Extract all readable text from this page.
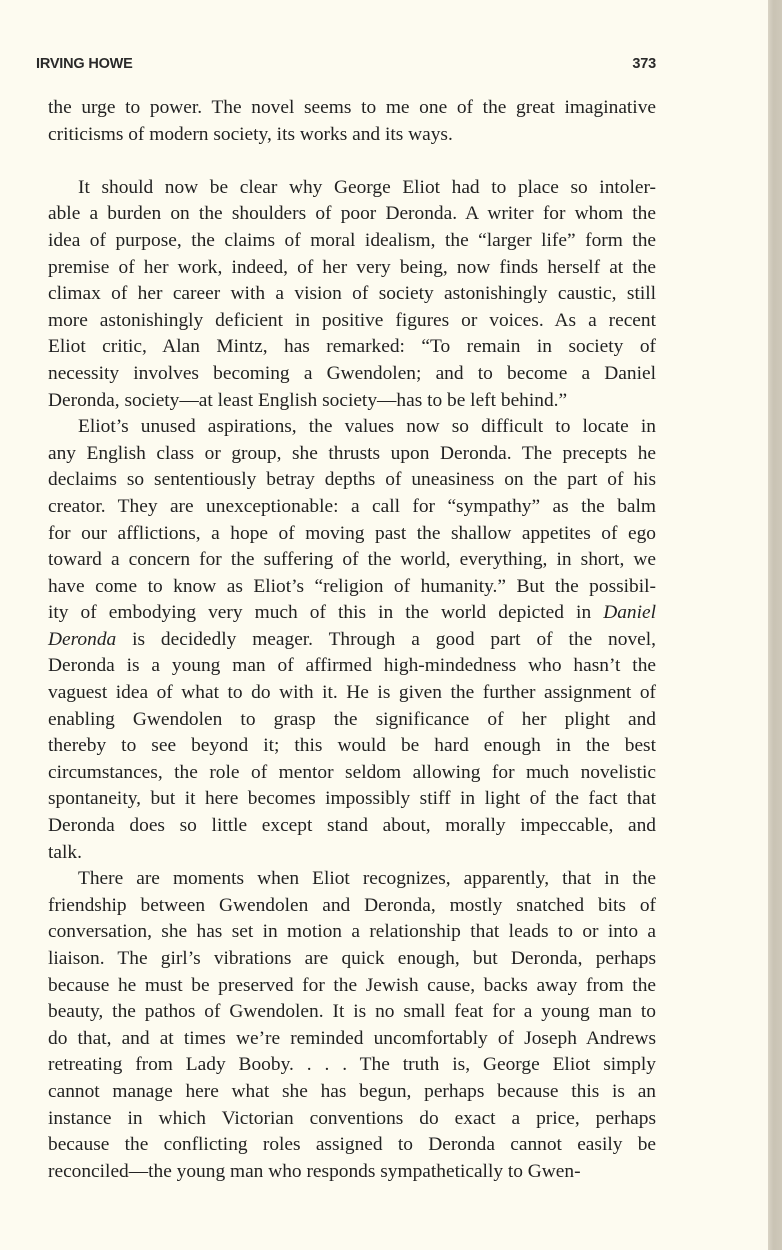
IRVING HOWE	373
the urge to power. The novel seems to me one of the great imaginative
criticisms of modern society, its works and its ways.
It should now be clear why George Eliot had to place so intoler-
able a burden on the shoulders of poor Deronda. A writer for whom the
idea of purpose, the claims of moral idealism, the “larger life” form the
premise of her work, indeed, of her very being, now finds herself at the
climax of her career with a vision of society astonishingly caustic, still
more astonishingly deficient in positive figures or voices. As a recent
Eliot critic, Alan Mintz, has remarked: “To remain in society of
necessity involves becoming a Gwendolen; and to become a Daniel
Deronda, society—at least English society—has to be left behind.”
Eliot’s unused aspirations, the values now so difficult to locate in
any English class or group, she thrusts upon Deronda. The precepts he
declaims so sententiously betray depths of uneasiness on the part of his
creator. They are unexceptionable: a call for “sympathy” as the balm
for our afflictions, a hope of moving past the shallow appetites of ego
toward a concern for the suffering of the world, everything, in short, we
have come to know as Eliot’s “religion of humanity.” But the possibil-
ity of embodying very much of this in the world depicted in Daniel
Deronda is decidedly meager. Through a good part of the novel,
Deronda is a young man of affirmed high-mindedness who hasn’t the
vaguest idea of what to do with it. He is given the further assignment of
enabling Gwendolen to grasp the significance of her plight and
thereby to see beyond it; this would be hard enough in the best
circumstances, the role of mentor seldom allowing for much novelistic
spontaneity, but it here becomes impossibly stiff in light of the fact that
Deronda does so little except stand about, morally impeccable, and
talk.
There are moments when Eliot recognizes, apparently, that in the
friendship between Gwendolen and Deronda, mostly snatched bits of
conversation, she has set in motion a relationship that leads to or into a
liaison. The girl’s vibrations are quick enough, but Deronda, perhaps
because he must be preserved for the Jewish cause, backs away from the
beauty, the pathos of Gwendolen. It is no small feat for a young man to
do that, and at times we’re reminded uncomfortably of Joseph Andrews
retreating from Lady Booby. . . . The truth is, George Eliot simply
cannot manage here what she has begun, perhaps because this is an
instance in which Victorian conventions do exact a price, perhaps
because the conflicting roles assigned to Deronda cannot easily be
reconciled—the young man who responds sympathetically to Gwen-
